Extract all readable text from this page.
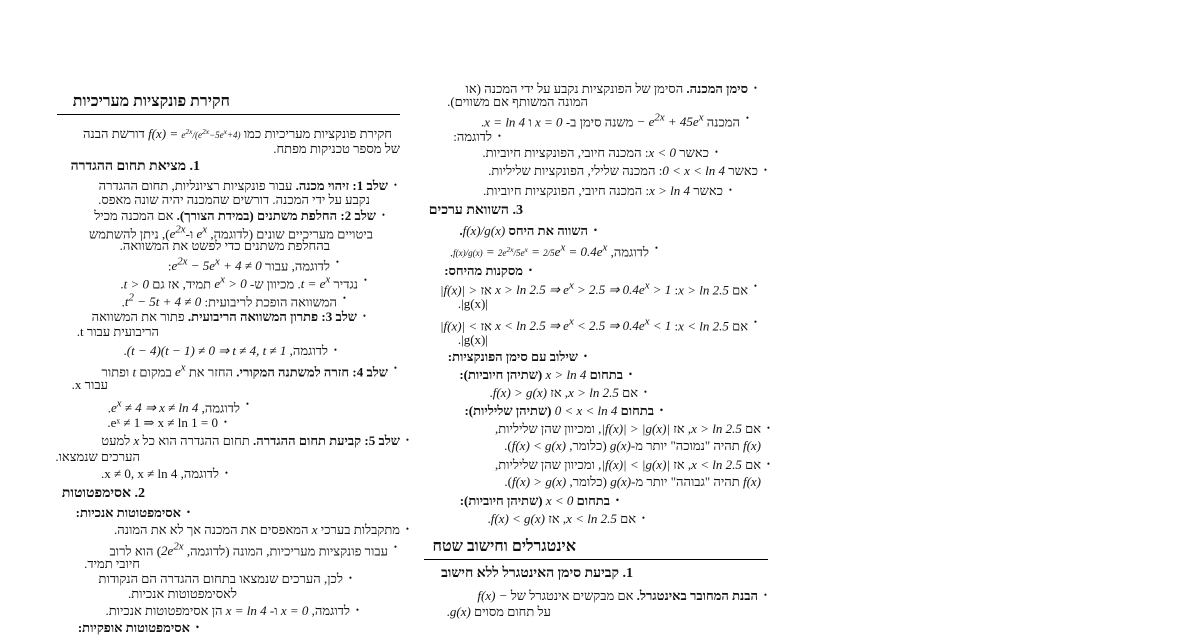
חקירת פונקציות מעריכיות
חקירת פונקציות מעריכיות כמו $f(x) = e^{2x}/(e^{2x}-5e^x+4)$ דורשת הבנה
של מספר טכניקות מפתח.
1. מציאת תחום ההגדרה
• שלב 1: זיהוי מכנה. עבור פונקציות רציונליות, תחום ההגדרה
נקבע על ידי המכנה. דורשים שהמכנה יהיה שונה מאפס.
• שלב 2: החלפת משתנים (במידת הצורך). אם המכנה מכיל
ביטויים מעריכיים שונים (לדוגמה, $e^x$ $ו-e^{2x}$), ניתן להשתמש
בהחלפת משתנים כדי לפשט את המשוואה.
• לדוגמה, עבור $e^{2x} - 5e^x + 4 \ne 0$:
• נגדיר $t = e^x$. מכיוון ש- $e^x > 0$ תמיד, אז גם t > 0.
• המשוואה הופכת לריבועית: $t^2 - 5t + 4 \ne 0$.
• שלב 3: פתרון המשוואה הריבועית. פתור את המשוואה
הריבועית עבור t.
• לדוגמה, (t − 4)(t − 1) ≠ 0 ⇒ t ≠ 4, t ≠ 1.
• שלב 4: חזרה למשתנה המקורי. החזר את $e^x$ במקום t ופתור
עבור x.
• לדוגמה, $e^x \ne 4$ ⇒ x ≠ ln 4.
• eˣ ≠ 1 ⇒ x ≠ ln 1 = 0.
• שלב 5: קביעת תחום ההגדרה. תחום ההגדרה הוא כל x למעט
הערכים שנמצאו.
• לדוגמה, x ≠ 0, x ≠ ln 4.
2. אסימפטוטות
• אסימפטוטות אנכיות:
• מתקבלות בערכי x המאפסים את המכנה אך לא את המונה.
• עבור פונקציות מעריכיות, המונה (לדוגמה, $2e^{2x}$) הוא לרוב
חיובי תמיד.
• לכן, הערכים שנמצאו בתחום ההגדרה הם הנקודות
לאסימפטוטות אנכיות.
• לדוגמה, x = 0 ו- x = ln 4 הן אסימפטוטות אנכיות.
• אסימפטוטות אופקיות:
• סימן המכנה. הסימן של הפונקציות נקבע על ידי המכנה (או
המונה המשותף אם משווים).
• המכנה − $e^{2x} + 45e^x$ משנה סימן ב- x = 0 ו x = ln 4.
• לדוגמה:
• כאשר x < 0: המכנה חיובי, הפונקציות חיוביות.
• כאשר 0 < x < ln 4: המכנה שלילי, הפונקציות שליליות.
• כאשר x > ln 4: המכנה חיובי, הפונקציות חיוביות.
3. השוואת ערכים
• השווה את היחס f(x)/g(x).
• לדוגמה, $f(x)/g(x) = 2e^{2x}/5e^x = 2/5e^x = 0.4e^x$.
• מסקנות מהיחס:
• אם x > ln 2.5: x > ln 2.5 ⇒ $e^x > 2.5$ ⇒ $0.4e^x > 1$ אז |f(x)| >
|g(x)|.
• אם x < ln 2.5: x < ln 2.5 ⇒ $e^x < 2.5$ ⇒ $0.4e^x < 1$ אז |f(x)| <
|g(x)|.
• שילוב עם סימן הפונקציות:
• בתחום x > ln 4 (שתיהן חיוביות):
• אם x > ln 2.5, אז f(x) > g(x).
• בתחום 0 < x < ln 4 (שתיהן שליליות):
• אם x > ln 2.5, אז |f(x)| > |g(x)|, ומכיוון שהן שליליות,
f(x) תהיה "נמוכה" יותר מ-g(x) (כלומר, f(x) < g(x)).
• אם x < ln 2.5, אז |f(x)| < |g(x)|, ומכיוון שהן שליליות,
f(x) תהיה "גבוהה" יותר מ-g(x) (כלומר, f(x) > g(x)).
• בתחום x < 0 (שתיהן חיוביות):
• אם x < ln 2.5, אז f(x) < g(x).
אינטגרלים וחישוב שטח
1. קביעת סימן האינטגרל ללא חישוב
• הבנת המחובר באינטגרל. אם מבקשים אינטגרל של f(x) −
על תחום מסוים g(x).
